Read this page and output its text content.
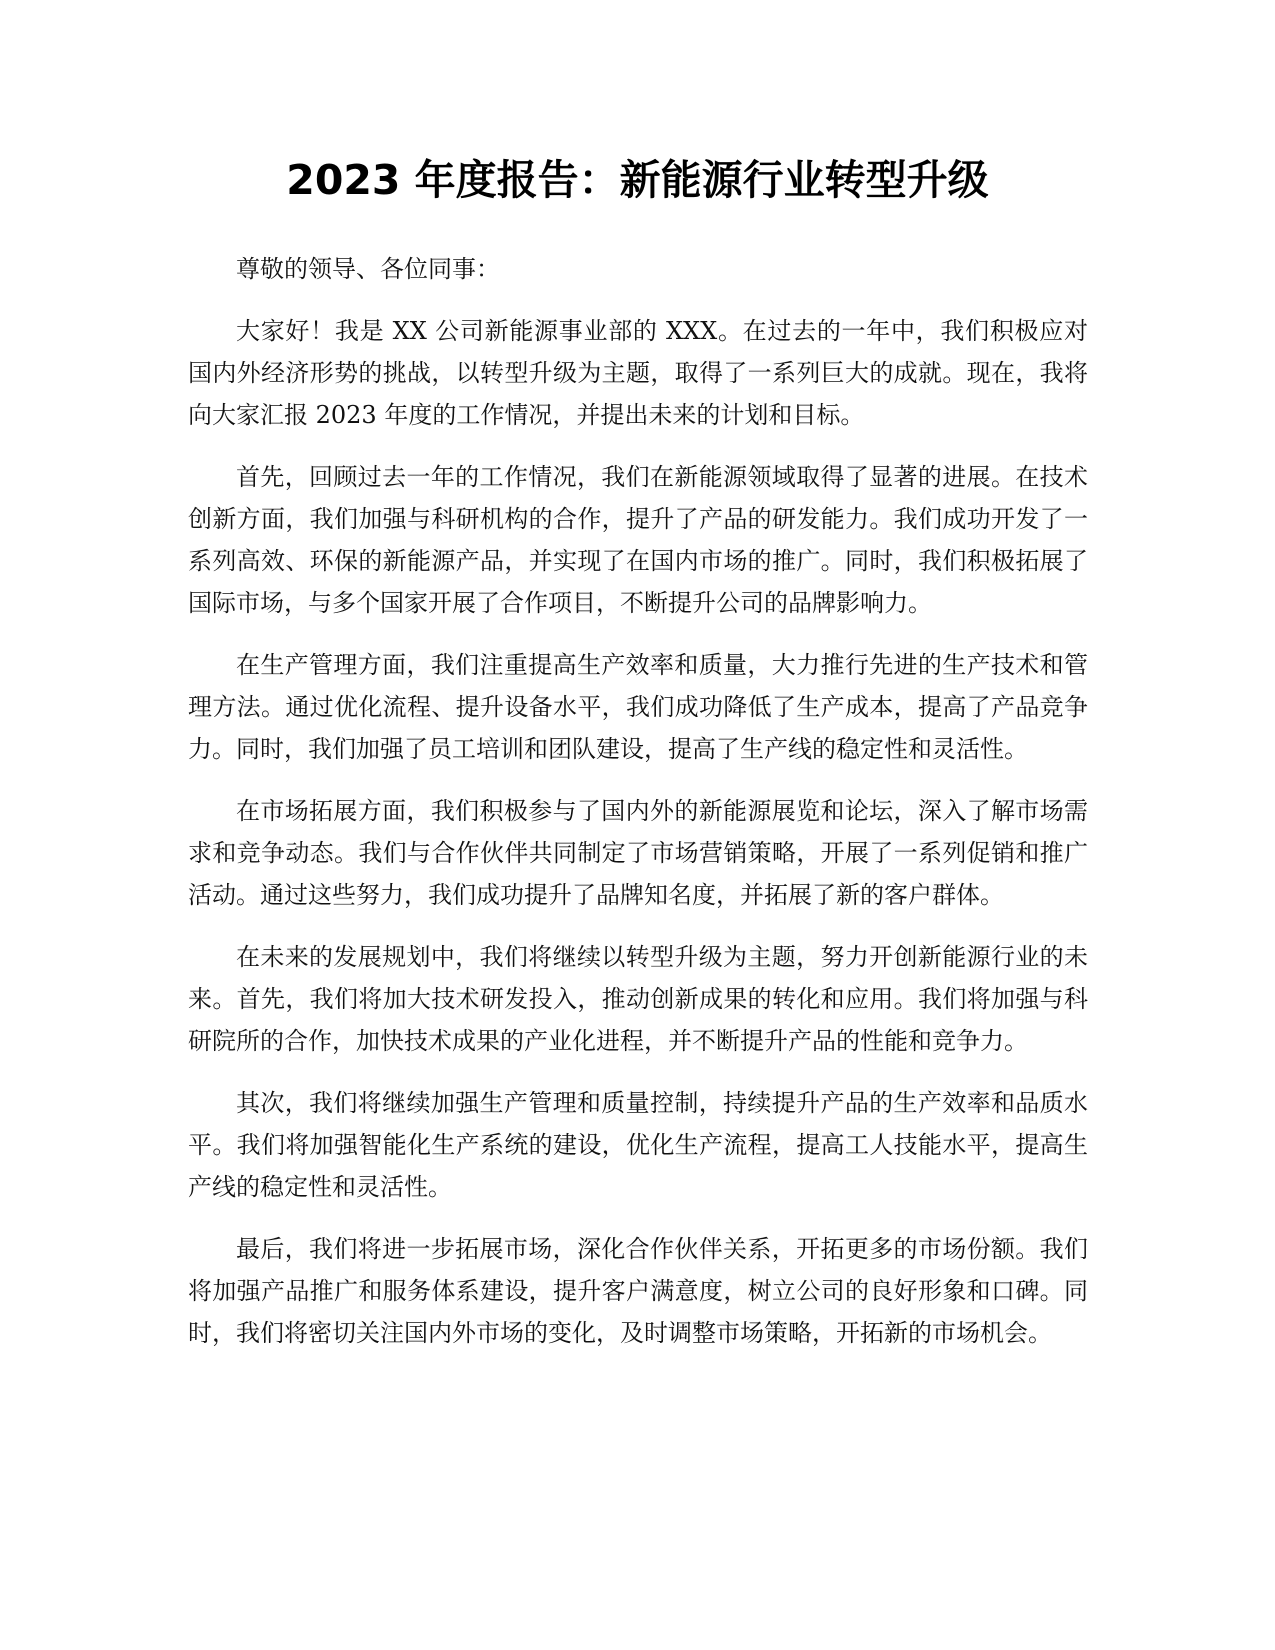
2023 年度报告：新能源行业转型升级

尊敬的领导、各位同事：

大家好！我是 XX 公司新能源事业部的 XXX。在过去的一年中，我们积极应对国内外经济形势的挑战，以转型升级为主题，取得了一系列巨大的成就。现在，我将向大家汇报 2023 年度的工作情况，并提出未来的计划和目标。

首先，回顾过去一年的工作情况，我们在新能源领域取得了显著的进展。在技术创新方面，我们加强与科研机构的合作，提升了产品的研发能力。我们成功开发了一系列高效、环保的新能源产品，并实现了在国内市场的推广。同时，我们积极拓展了国际市场，与多个国家开展了合作项目，不断提升公司的品牌影响力。

在生产管理方面，我们注重提高生产效率和质量，大力推行先进的生产技术和管理方法。通过优化流程、提升设备水平，我们成功降低了生产成本，提高了产品竞争力。同时，我们加强了员工培训和团队建设，提高了生产线的稳定性和灵活性。

在市场拓展方面，我们积极参与了国内外的新能源展览和论坛，深入了解市场需求和竞争动态。我们与合作伙伴共同制定了市场营销策略，开展了一系列促销和推广活动。通过这些努力，我们成功提升了品牌知名度，并拓展了新的客户群体。

在未来的发展规划中，我们将继续以转型升级为主题，努力开创新能源行业的未来。首先，我们将加大技术研发投入，推动创新成果的转化和应用。我们将加强与科研院所的合作，加快技术成果的产业化进程，并不断提升产品的性能和竞争力。

其次，我们将继续加强生产管理和质量控制，持续提升产品的生产效率和品质水平。我们将加强智能化生产系统的建设，优化生产流程，提高工人技能水平，提高生产线的稳定性和灵活性。

最后，我们将进一步拓展市场，深化合作伙伴关系，开拓更多的市场份额。我们将加强产品推广和服务体系建设，提升客户满意度，树立公司的良好形象和口碑。同时，我们将密切关注国内外市场的变化，及时调整市场策略，开拓新的市场机会。
